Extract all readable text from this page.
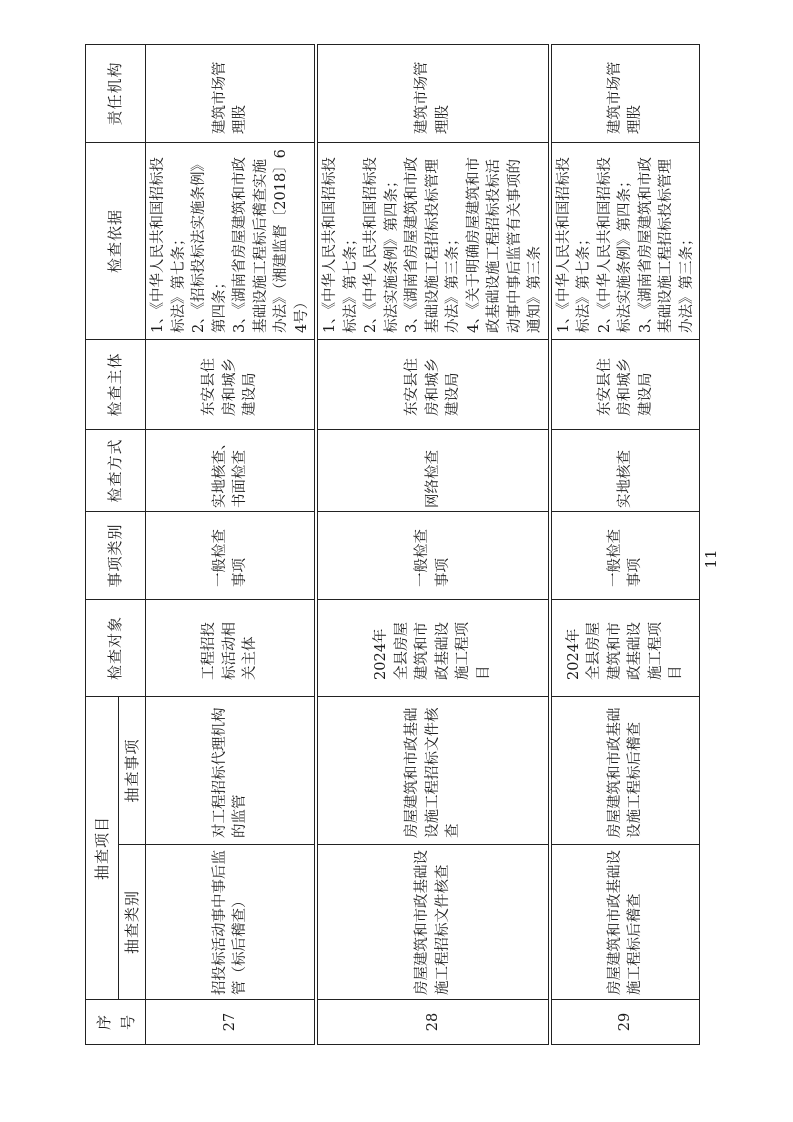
序号	抽查项目		检查对象	事项类别	检查方式	检查主体	检查依据	责任机构
	抽查类别	抽查事项						
27	招投标活动事中事后监管（标后稽查）	对工程招标代理机构的监管	工程招投标活动相关主体	一般检查事项	实地核查、书面检查	东安县住房和城乡建设局	1、《中华人民共和国招标投标法》第七条； 2、《招标投标法实施条例》第四条； 3、《湖南省房屋建筑和市政基础设施工程标后稽查实施办法》（湘建监督〔2018〕64号）	建筑市场管理股
28	房屋建筑和市政基础设施工程招标文件核查	房屋建筑和市政基础设施工程招标文件核查	2024年全县房屋建筑和市政基础设施工程项目	一般检查事项	网络检查	东安县住房和城乡建设局	1、《中华人民共和国招标投标法》第七条； 2、《中华人民共和国招标投标法实施条例》第四条； 3、《湖南省房屋建筑和市政基础设施工程招标投标管理办法》第三条； 4、《关于明确房屋建筑和市政基础设施工程招标投标活动事中事后监管有关事项的通知》第三条	建筑市场管理股
29	房屋建筑和市政基础设施工程标后稽查	房屋建筑和市政基础设施工程标后稽查	2024年全县房屋建筑和市政基础设施工程项目	一般检查事项	实地核查	东安县住房和城乡建设局	1、《中华人民共和国招标投标法》第七条； 2、《中华人民共和国招标投标法实施条例》第四条； 3、《湖南省房屋建筑和市政基础设施工程招标投标管理办法》第三条；	建筑市场管理股
11
